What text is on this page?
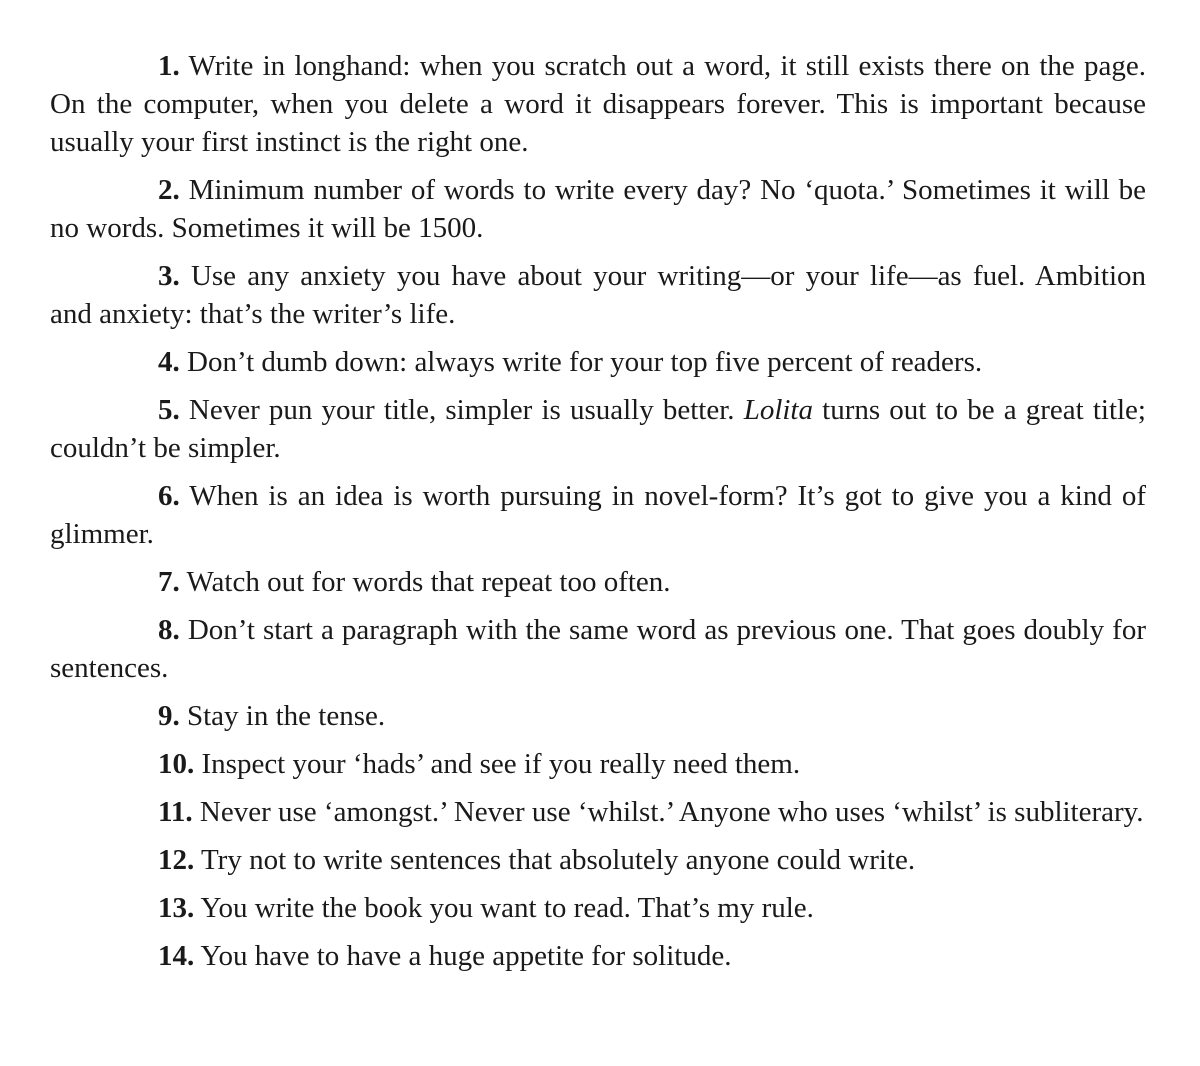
1. Write in longhand: when you scratch out a word, it still exists there on the page. On the computer, when you delete a word it disappears forever. This is important because usually your first instinct is the right one.

2. Minimum number of words to write every day? No ‘quota.’ Sometimes it will be no words. Sometimes it will be 1500.

3. Use any anxiety you have about your writing—or your life—as fuel. Ambition and anxiety: that’s the writer’s life.

4. Don’t dumb down: always write for your top five percent of readers.

5. Never pun your title, simpler is usually better. Lolita turns out to be a great title; couldn’t be simpler.

6. When is an idea is worth pursuing in novel-form? It’s got to give you a kind of glimmer.

7. Watch out for words that repeat too often.

8. Don’t start a paragraph with the same word as previous one. That goes doubly for sentences.

9. Stay in the tense.

10. Inspect your ‘hads’ and see if you really need them.

11. Never use ‘amongst.’ Never use ‘whilst.’ Anyone who uses ‘whilst’ is subliterary.

12. Try not to write sentences that absolutely anyone could write.

13. You write the book you want to read. That’s my rule.

14. You have to have a huge appetite for solitude.
